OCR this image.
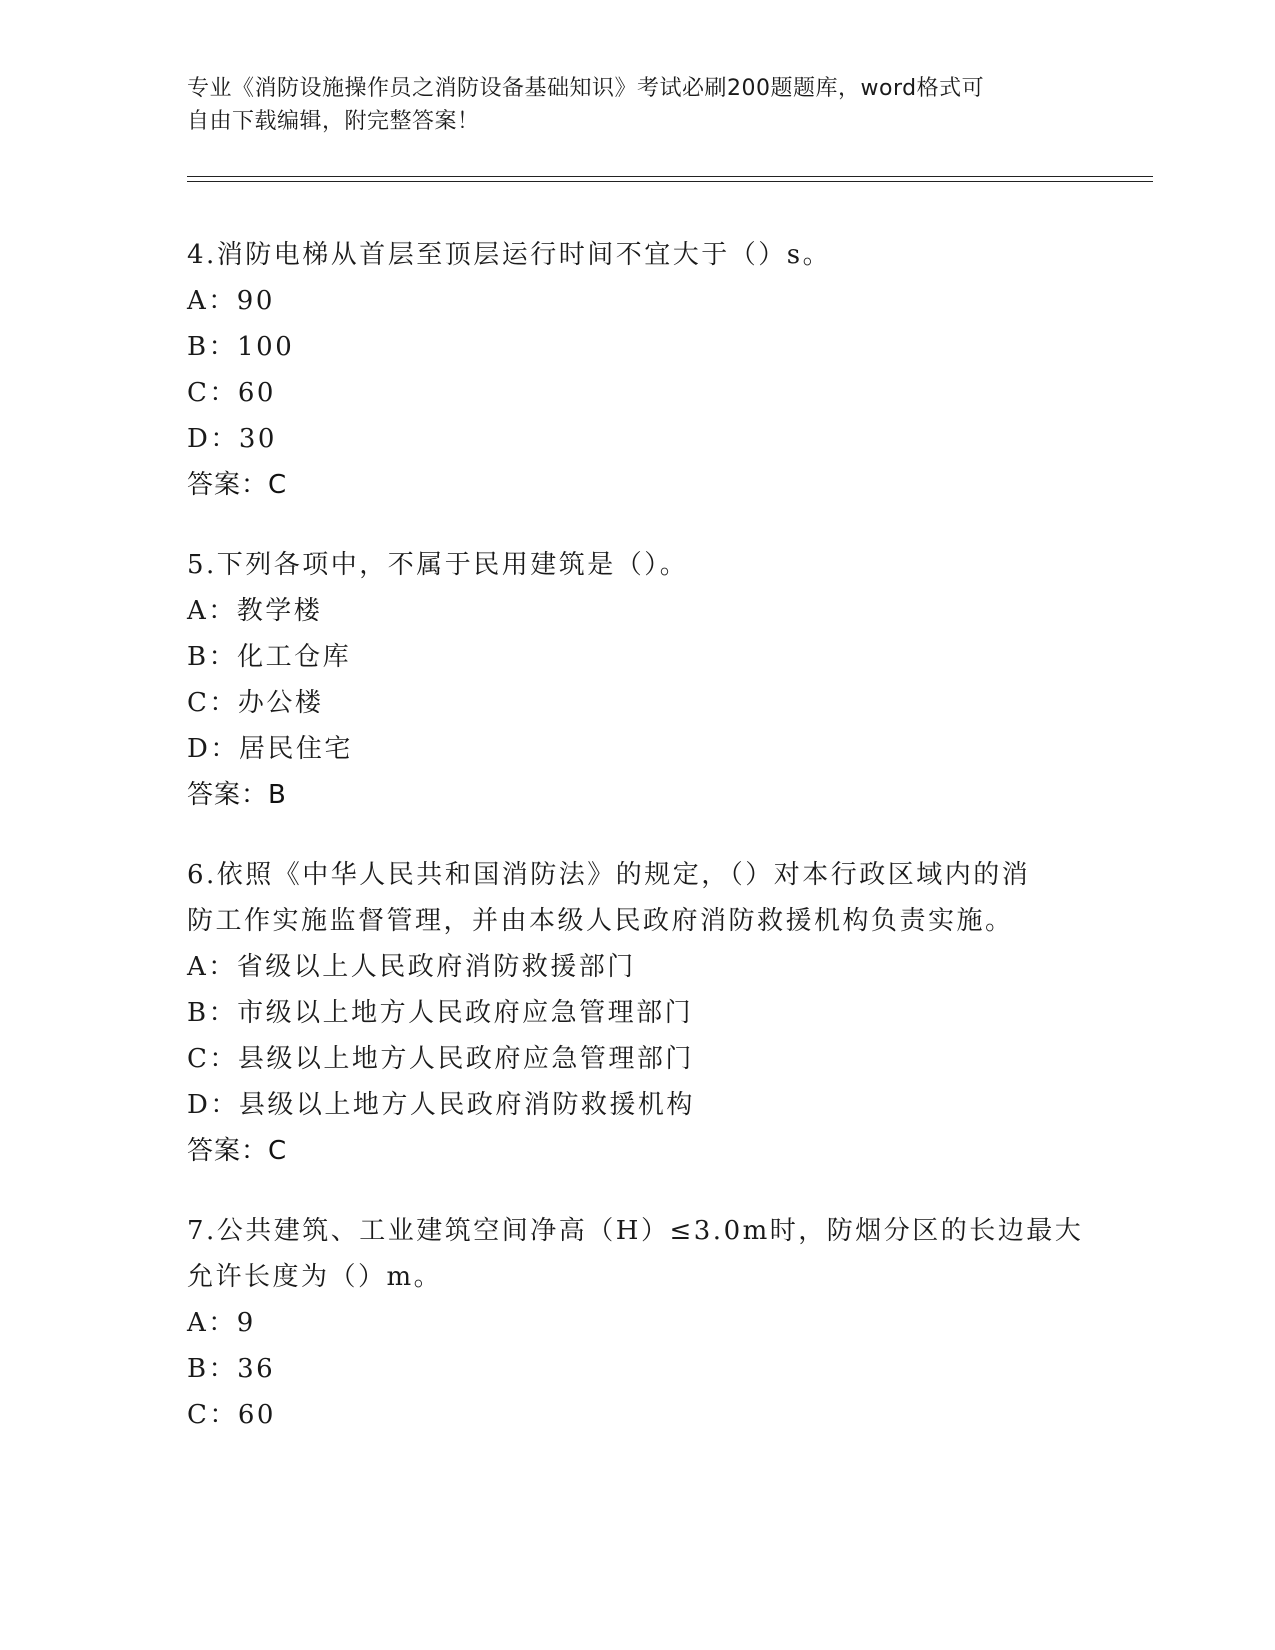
专业《消防设施操作员之消防设备基础知识》考试必刷200题题库，word格式可
自由下载编辑，附完整答案！
4.消防电梯从首层至顶层运行时间不宜大于（）s。
A：90
B：100
C：60
D：30
答案：C
5.下列各项中，不属于民用建筑是（）。
A：教学楼
B：化工仓库
C：办公楼
D：居民住宅
答案：B
6.依照《中华人民共和国消防法》的规定，（）对本行政区域内的消
防工作实施监督管理，并由本级人民政府消防救援机构负责实施。
A：省级以上人民政府消防救援部门
B：市级以上地方人民政府应急管理部门
C：县级以上地方人民政府应急管理部门
D：县级以上地方人民政府消防救援机构
答案：C
7.公共建筑、工业建筑空间净高（H）≤3.0m时，防烟分区的长边最大
允许长度为（）m。
A：9
B：36
C：60
